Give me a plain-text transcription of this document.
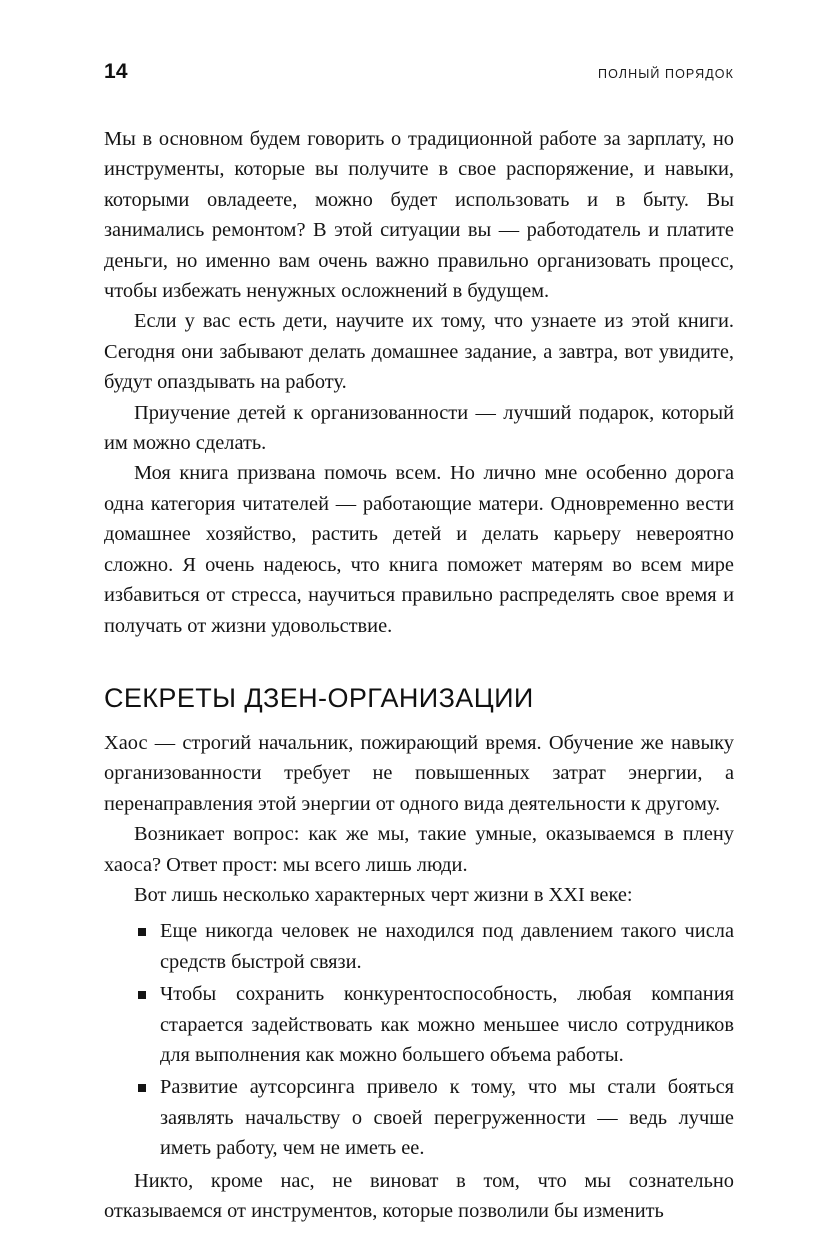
14	ПОЛНЫЙ ПОРЯДОК

Мы в основном будем говорить о традиционной работе за зарплату, но инструменты, которые вы получите в свое распоряжение, и навыки, которыми овладеете, можно будет использовать и в быту. Вы занимались ремонтом? В этой ситуации вы — работодатель и платите деньги, но именно вам очень важно правильно организовать процесс, чтобы избежать ненужных осложнений в будущем.

Если у вас есть дети, научите их тому, что узнаете из этой книги. Сегодня они забывают делать домашнее задание, а завтра, вот увидите, будут опаздывать на работу.

Приучение детей к организованности — лучший подарок, который им можно сделать.

Моя книга призвана помочь всем. Но лично мне особенно дорога одна категория читателей — работающие матери. Одновременно вести домашнее хозяйство, растить детей и делать карьеру невероятно сложно. Я очень надеюсь, что книга поможет матерям во всем мире избавиться от стресса, научиться правильно распределять свое время и получать от жизни удовольствие.

СЕКРЕТЫ ДЗЕН-ОРГАНИЗАЦИИ

Хаос — строгий начальник, пожирающий время. Обучение же навыку организованности требует не повышенных затрат энергии, а перенаправления этой энергии от одного вида деятельности к другому.

Возникает вопрос: как же мы, такие умные, оказываемся в плену хаоса? Ответ прост: мы всего лишь люди.

Вот лишь несколько характерных черт жизни в XXI веке:

Еще никогда человек не находился под давлением такого числа средств быстрой связи.
Чтобы сохранить конкурентоспособность, любая компания старается задействовать как можно меньшее число сотрудников для выполнения как можно большего объема работы.
Развитие аутсорсинга привело к тому, что мы стали бояться заявлять начальству о своей перегруженности — ведь лучше иметь работу, чем не иметь ее.

Никто, кроме нас, не виноват в том, что мы сознательно отказываемся от инструментов, которые позволили бы изменить
